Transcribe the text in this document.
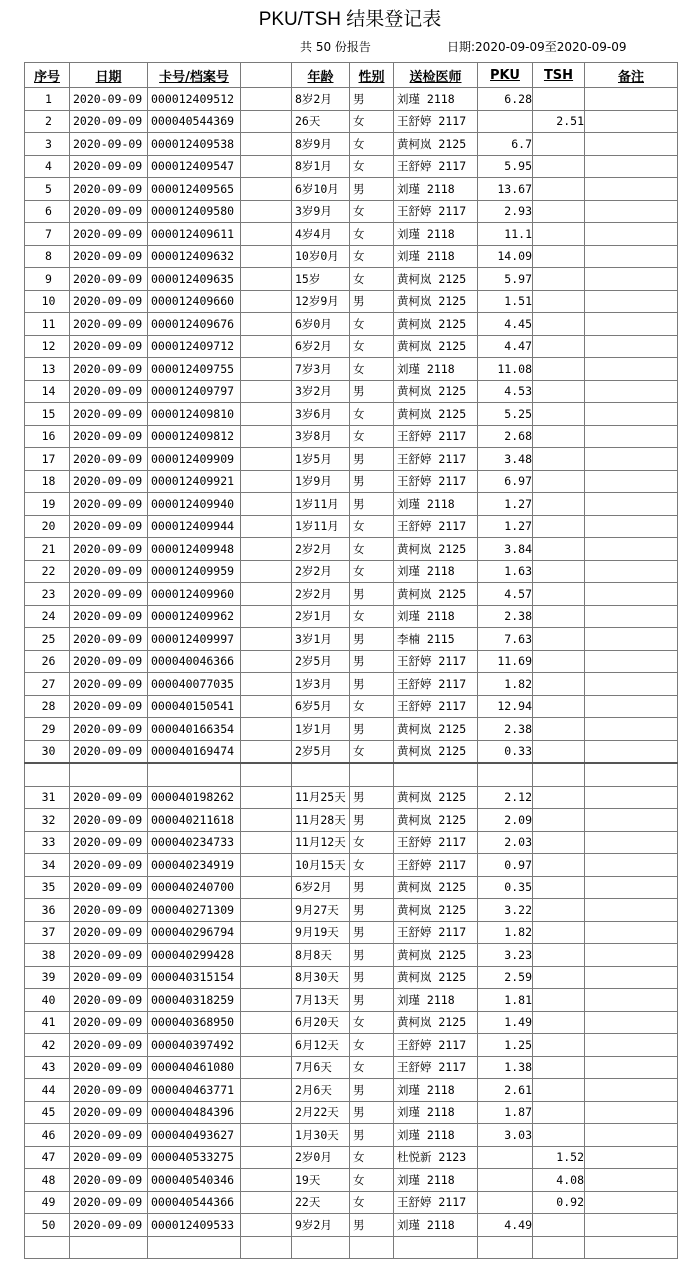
PKU/TSH 结果登记表
共 50 份报告	日期:2020-09-09至2020-09-09
序号	日期	卡号/档案号		年龄	性别	送检医师	PKU	TSH	备注
1	2020-09-09	000012409512		8岁2月	男	刘瑾 2118	6.28		
2	2020-09-09	000040544369		26天	女	王舒婷 2117		2.51	
3	2020-09-09	000012409538		8岁9月	女	黄柯岚 2125	6.7		
4	2020-09-09	000012409547		8岁1月	女	王舒婷 2117	5.95		
5	2020-09-09	000012409565		6岁10月	男	刘瑾 2118	13.67		
6	2020-09-09	000012409580		3岁9月	女	王舒婷 2117	2.93		
7	2020-09-09	000012409611		4岁4月	女	刘瑾 2118	11.1		
8	2020-09-09	000012409632		10岁0月	女	刘瑾 2118	14.09		
9	2020-09-09	000012409635		15岁	女	黄柯岚 2125	5.97		
10	2020-09-09	000012409660		12岁9月	男	黄柯岚 2125	1.51		
11	2020-09-09	000012409676		6岁0月	女	黄柯岚 2125	4.45		
12	2020-09-09	000012409712		6岁2月	女	黄柯岚 2125	4.47		
13	2020-09-09	000012409755		7岁3月	女	刘瑾 2118	11.08		
14	2020-09-09	000012409797		3岁2月	男	黄柯岚 2125	4.53		
15	2020-09-09	000012409810		3岁6月	女	黄柯岚 2125	5.25		
16	2020-09-09	000012409812		3岁8月	女	王舒婷 2117	2.68		
17	2020-09-09	000012409909		1岁5月	男	王舒婷 2117	3.48		
18	2020-09-09	000012409921		1岁9月	男	王舒婷 2117	6.97		
19	2020-09-09	000012409940		1岁11月	男	刘瑾 2118	1.27		
20	2020-09-09	000012409944		1岁11月	女	王舒婷 2117	1.27		
21	2020-09-09	000012409948		2岁2月	女	黄柯岚 2125	3.84		
22	2020-09-09	000012409959		2岁2月	女	刘瑾 2118	1.63		
23	2020-09-09	000012409960		2岁2月	男	黄柯岚 2125	4.57		
24	2020-09-09	000012409962		2岁1月	女	刘瑾 2118	2.38		
25	2020-09-09	000012409997		3岁1月	男	李楠 2115	7.63		
26	2020-09-09	000040046366		2岁5月	男	王舒婷 2117	11.69		
27	2020-09-09	000040077035		1岁3月	男	王舒婷 2117	1.82		
28	2020-09-09	000040150541		6岁5月	女	王舒婷 2117	12.94		
29	2020-09-09	000040166354		1岁1月	男	黄柯岚 2125	2.38		
30	2020-09-09	000040169474		2岁5月	女	黄柯岚 2125	0.33		

31	2020-09-09	000040198262		11月25天	男	黄柯岚 2125	2.12		
32	2020-09-09	000040211618		11月28天	男	黄柯岚 2125	2.09		
33	2020-09-09	000040234733		11月12天	女	王舒婷 2117	2.03		
34	2020-09-09	000040234919		10月15天	女	王舒婷 2117	0.97		
35	2020-09-09	000040240700		6岁2月	男	黄柯岚 2125	0.35		
36	2020-09-09	000040271309		9月27天	男	黄柯岚 2125	3.22		
37	2020-09-09	000040296794		9月19天	男	王舒婷 2117	1.82		
38	2020-09-09	000040299428		8月8天	男	黄柯岚 2125	3.23		
39	2020-09-09	000040315154		8月30天	男	黄柯岚 2125	2.59		
40	2020-09-09	000040318259		7月13天	男	刘瑾 2118	1.81		
41	2020-09-09	000040368950		6月20天	女	黄柯岚 2125	1.49		
42	2020-09-09	000040397492		6月12天	女	王舒婷 2117	1.25		
43	2020-09-09	000040461080		7月6天	女	王舒婷 2117	1.38		
44	2020-09-09	000040463771		2月6天	男	刘瑾 2118	2.61		
45	2020-09-09	000040484396		2月22天	男	刘瑾 2118	1.87		
46	2020-09-09	000040493627		1月30天	男	刘瑾 2118	3.03		
47	2020-09-09	000040533275		2岁0月	女	杜悦新 2123		1.52	
48	2020-09-09	000040540346		19天	女	刘瑾 2118		4.08	
49	2020-09-09	000040544366		22天	女	王舒婷 2117		0.92	
50	2020-09-09	000012409533		9岁2月	男	刘瑾 2118	4.49		
